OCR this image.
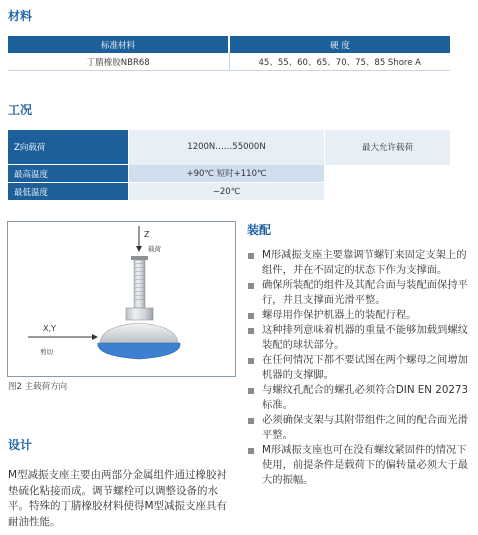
材料
标准材料	硬 度
丁腈橡胶NBR68	45、55、60、65、70、75、85 Shore A
工况
Z向载荷	1200N……55000N	最大允许载荷
最高温度	+90℃ 短时+110℃	
最低温度	−20℃	
Z
载荷
X,Y
剪切
图2 主载荷方向
装配
M形减振支座主要靠调节螺钉来固定支架上的组件，并在不固定的状态下作为支撑面。
确保所装配的组件及其配合面与装配面保持平行，并且支撑面光滑平整。
螺母用作保护机器上的装配行程。
这种排列意味着机器的重量不能够加载到螺纹装配的球状部分。
在任何情况下都不要试图在两个螺母之间增加机器的支撑脚。
与螺纹孔配合的螺孔必须符合DIN EN 20273标准。
必须确保支架与其附带组件之间的配合面光滑平整。
M形减振支座也可在没有螺纹紧固件的情况下使用，前提条件是载荷下的偏转量必须大于最大的振幅。
设计
M型减振支座主要由两部分金属组件通过橡胶衬垫硫化粘接而成。调节螺栓可以调整设备的水平。特殊的丁腈橡胶材料使得M型减振支座具有耐油性能。
